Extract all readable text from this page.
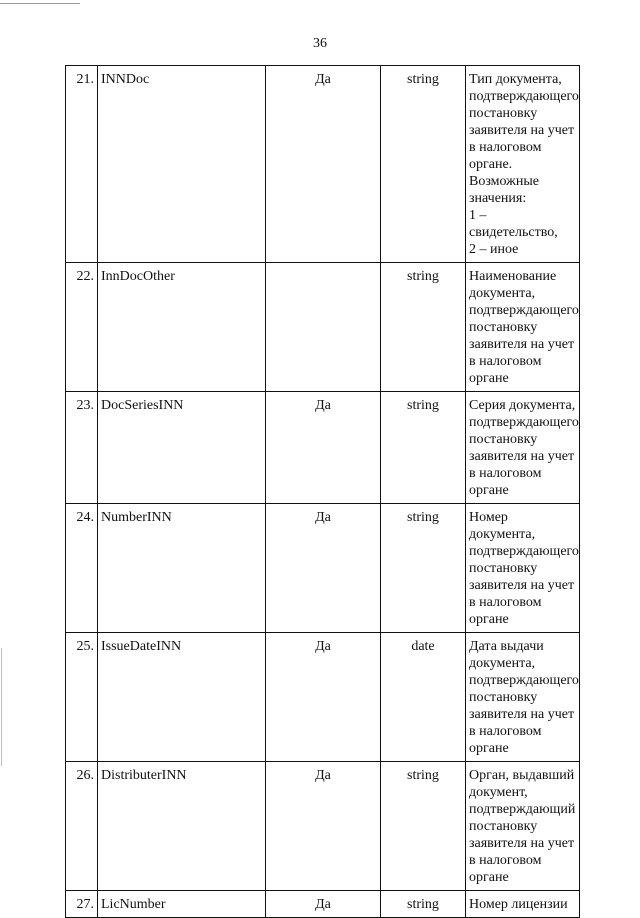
36
21.	INNDoc	Да	string	Тип документа, подтверждающего постановку заявителя на учет в налоговом органе.
Возможные значения:
1 – свидетельство,
2 – иное
22.	InnDocOther		string	Наименование документа, подтверждающего постановку заявителя на учет в налоговом органе
23.	DocSeriesINN	Да	string	Серия документа, подтверждающего постановку заявителя на учет в налоговом органе
24.	NumberINN	Да	string	Номер документа, подтверждающего постановку заявителя на учет в налоговом органе
25.	IssueDateINN	Да	date	Дата выдачи документа, подтверждающего постановку заявителя на учет в налоговом органе
26.	DistributerINN	Да	string	Орган, выдавший документ, подтверждающий постановку заявителя на учет в налоговом органе
27.	LicNumber	Да	string	Номер лицензии
